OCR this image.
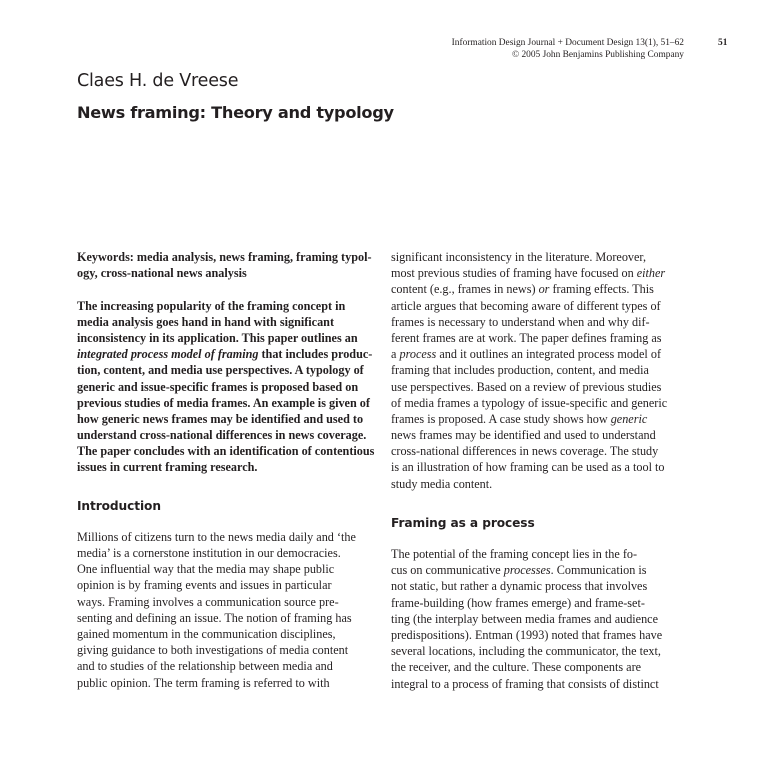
Information Design Journal + Document Design 13(1), 51–62
© 2005 John Benjamins Publishing Company
51
Claes H. de Vreese
News framing: Theory and typology
Keywords: media analysis, news framing, framing typol-
ogy, cross-national news analysis
The increasing popularity of the framing concept in
media analysis goes hand in hand with significant
inconsistency in its application. This paper outlines an
integrated process model of framing that includes produc-
tion, content, and media use perspectives. A typology of
generic and issue-specific frames is proposed based on
previous studies of media frames. An example is given of
how generic news frames may be identified and used to
understand cross-national differences in news coverage.
The paper concludes with an identification of contentious
issues in current framing research.
Introduction
Millions of citizens turn to the news media daily and ‘the
media’ is a cornerstone institution in our democracies.
One influential way that the media may shape public
opinion is by framing events and issues in particular
ways. Framing involves a communication source pre-
senting and defining an issue. The notion of framing has
gained momentum in the communication disciplines,
giving guidance to both investigations of media content
and to studies of the relationship between media and
public opinion. The term framing is referred to with
significant inconsistency in the literature. Moreover,
most previous studies of framing have focused on either
content (e.g., frames in news) or framing effects. This
article argues that becoming aware of different types of
frames is necessary to understand when and why dif-
ferent frames are at work. The paper defines framing as
a process and it outlines an integrated process model of
framing that includes production, content, and media
use perspectives. Based on a review of previous studies
of media frames a typology of issue-specific and generic
frames is proposed. A case study shows how generic
news frames may be identified and used to understand
cross-national differences in news coverage. The study
is an illustration of how framing can be used as a tool to
study media content.
Framing as a process
The potential of the framing concept lies in the fo-
cus on communicative processes. Communication is
not static, but rather a dynamic process that involves
frame-building (how frames emerge) and frame-set-
ting (the interplay between media frames and audience
predispositions). Entman (1993) noted that frames have
several locations, including the communicator, the text,
the receiver, and the culture. These components are
integral to a process of framing that consists of distinct
